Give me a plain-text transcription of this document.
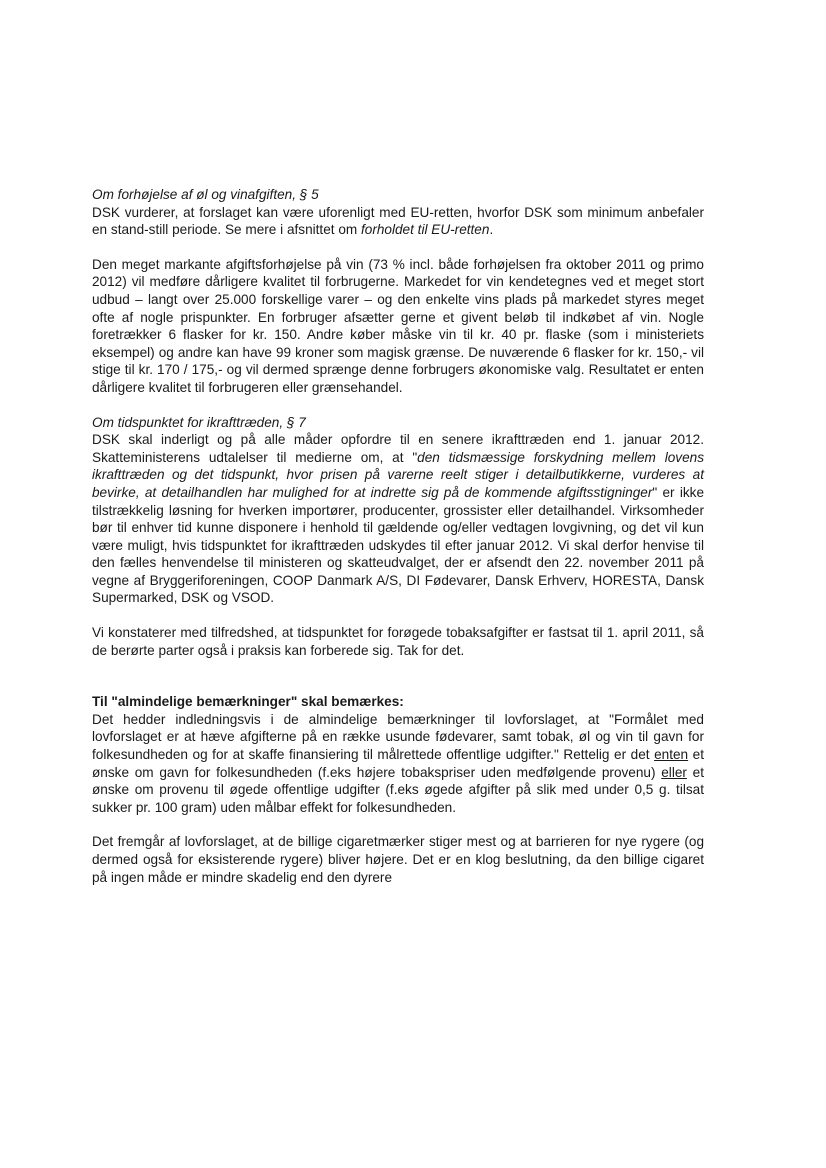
Om forhøjelse af øl og vinafgiften, § 5

DSK vurderer, at forslaget kan være uforenligt med EU-retten, hvorfor DSK som minimum anbefaler en stand-still periode. Se mere i afsnittet om forholdet til EU-retten.

Den meget markante afgiftsforhøjelse på vin (73 % incl. både forhøjelsen fra oktober 2011 og primo 2012) vil medføre dårligere kvalitet til forbrugerne. Markedet for vin kendetegnes ved et meget stort udbud – langt over 25.000 forskellige varer – og den enkelte vins plads på markedet styres meget ofte af nogle prispunkter. En forbruger afsætter gerne et givent beløb til indkøbet af vin. Nogle foretrækker 6 flasker for kr. 150. Andre køber måske vin til kr. 40 pr. flaske (som i ministeriets eksempel) og andre kan have 99 kroner som magisk grænse. De nuværende 6 flasker for kr. 150,- vil stige til kr. 170 / 175,- og vil dermed sprænge denne forbrugers økonomiske valg. Resultatet er enten dårligere kvalitet til forbrugeren eller grænsehandel.

Om tidspunktet for ikrafttræden, § 7

DSK skal inderligt og på alle måder opfordre til en senere ikrafttræden end 1. januar 2012. Skatteministerens udtalelser til medierne om, at "den tidsmæssige forskydning mellem lovens ikrafttræden og det tidspunkt, hvor prisen på varerne reelt stiger i detailbutikkerne, vurderes at bevirke, at detailhandlen har mulighed for at indrette sig på de kommende afgiftsstigninger" er ikke tilstrækkelig løsning for hverken importører, producenter, grossister eller detailhandel. Virksomheder bør til enhver tid kunne disponere i henhold til gældende og/eller vedtagen lovgivning, og det vil kun være muligt, hvis tidspunktet for ikrafttræden udskydes til efter januar 2012. Vi skal derfor henvise til den fælles henvendelse til ministeren og skatteudvalget, der er afsendt den 22. november 2011 på vegne af Bryggeriforeningen, COOP Danmark A/S, DI Fødevarer, Dansk Erhverv, HORESTA, Dansk Supermarked, DSK og VSOD.

Vi konstaterer med tilfredshed, at tidspunktet for forøgede tobaksafgifter er fastsat til 1. april 2011, så de berørte parter også i praksis kan forberede sig. Tak for det.

Til "almindelige bemærkninger" skal bemærkes:

Det hedder indledningsvis i de almindelige bemærkninger til lovforslaget, at "Formålet med lovforslaget er at hæve afgifterne på en række usunde fødevarer, samt tobak, øl og vin til gavn for folkesundheden og for at skaffe finansiering til målrettede offentlige udgifter." Rettelig er det enten et ønske om gavn for folkesundheden (f.eks højere tobakspriser uden medfølgende provenu) eller et ønske om provenu til øgede offentlige udgifter (f.eks øgede afgifter på slik med under 0,5 g. tilsat sukker pr. 100 gram) uden målbar effekt for folkesundheden.

Det fremgår af lovforslaget, at de billige cigaretmærker stiger mest og at barrieren for nye rygere (og dermed også for eksisterende rygere) bliver højere. Det er en klog beslutning, da den billige cigaret på ingen måde er mindre skadelig end den dyrere
